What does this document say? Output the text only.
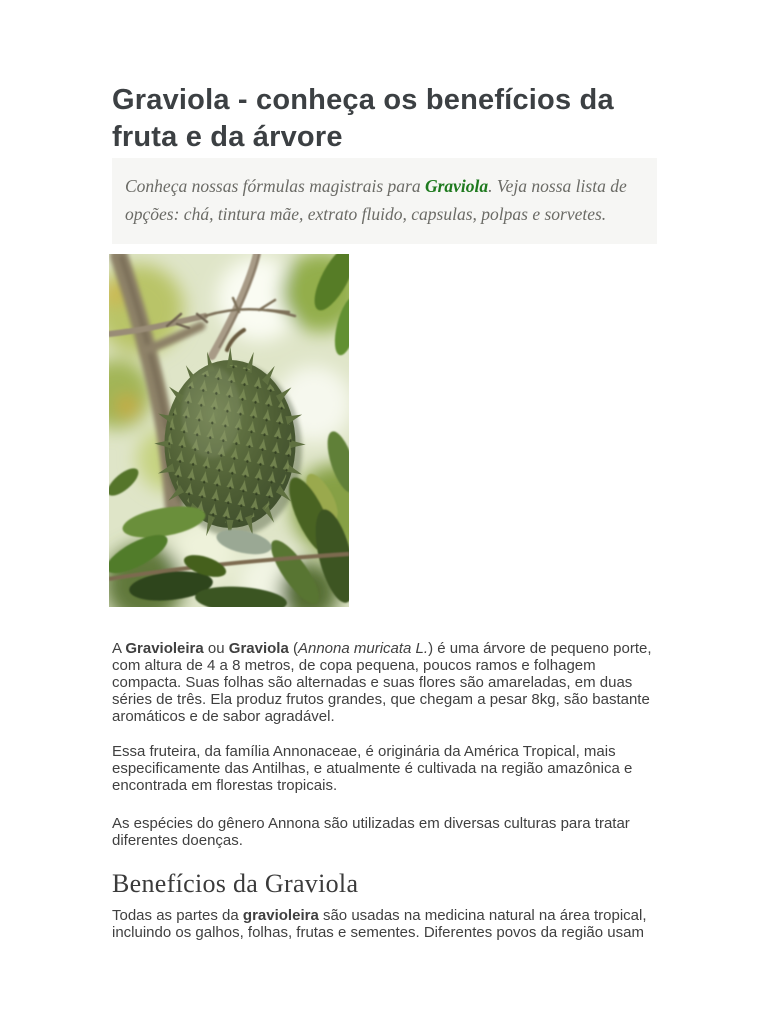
Graviola - conheça os benefícios da fruta e da árvore

Conheça nossas fórmulas magistrais para Graviola. Veja nossa lista de opções: chá, tintura mãe, extrato fluido, capsulas, polpas e sorvetes.

A Gravioleira ou Graviola (Annona muricata L.) é uma árvore de pequeno porte, com altura de 4 a 8 metros, de copa pequena, poucos ramos e folhagem compacta. Suas folhas são alternadas e suas flores são amareladas, em duas séries de três. Ela produz frutos grandes, que chegam a pesar 8kg, são bastante aromáticos e de sabor agradável.

Essa fruteira, da família Annonaceae, é originária da América Tropical, mais especificamente das Antilhas, e atualmente é cultivada na região amazônica e encontrada em florestas tropicais.

As espécies do gênero Annona são utilizadas em diversas culturas para tratar diferentes doenças.

Benefícios da Graviola

Todas as partes da gravioleira são usadas na medicina natural na área tropical, incluindo os galhos, folhas, frutas e sementes. Diferentes povos da região usam
